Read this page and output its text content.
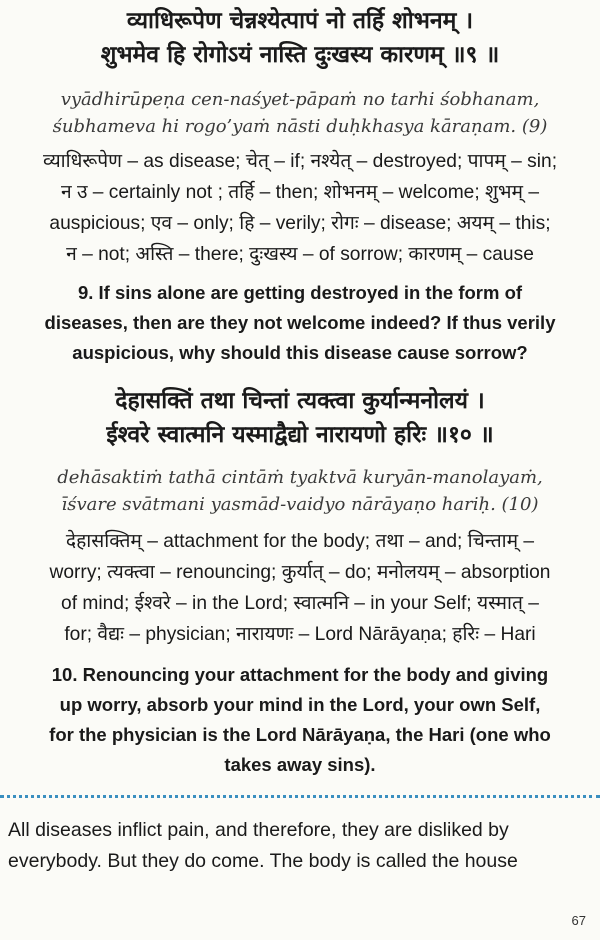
व्याधिरूपेण चेन्नश्येत्पापं नो तर्हि शोभनम् ।
शुभमेव हि रोगोऽयं नास्ति दुःखस्य कारणम् ॥९ ॥
vyādhirūpeṇa cen-naśyet-pāpaṁ no tarhi śobhanam,
śubhameva hi rogo’yaṁ nāsti duḥkhasya kāraṇam. (9)
व्याधिरूपेण – as disease; चेत् – if; नश्येत् – destroyed; पापम् – sin;
न उ – certainly not ; तर्हि – then; शोभनम् – welcome; शुभम् –
auspicious; एव – only; हि – verily; रोगः – disease; अयम् – this;
न – not; अस्ति – there; दुःखस्य – of sorrow; कारणम् – cause
9. If sins alone are getting destroyed in the form of
diseases, then are they not welcome indeed? If thus verily
auspicious, why should this disease cause sorrow?
देहासक्तिं तथा चिन्तां त्यक्त्वा कुर्यान्मनोलयं ।
ईश्वरे स्वात्मनि यस्माद्वैद्यो नारायणो हरिः ॥१० ॥
dehāsaktiṁ tathā cintāṁ tyaktvā kuryān-manolayaṁ,
īśvare svātmani yasmād-vaidyo nārāyaṇo hariḥ. (10)
देहासक्तिम् – attachment for the body; तथा – and; चिन्ताम् –
worry; त्यक्त्वा – renouncing; कुर्यात् – do; मनोलयम् – absorption
of mind; ईश्वरे – in the Lord; स्वात्मनि – in your Self; यस्मात् –
for; वैद्यः – physician; नारायणः – Lord Nārāyaṇa; हरिः – Hari
10. Renouncing your attachment for the body and giving
up worry, absorb your mind in the Lord, your own Self,
for the physician is the Lord Nārāyaṇa, the Hari (one who
takes away sins).
All diseases inflict pain, and therefore, they are disliked by
everybody. But they do come. The body is called the house
67
